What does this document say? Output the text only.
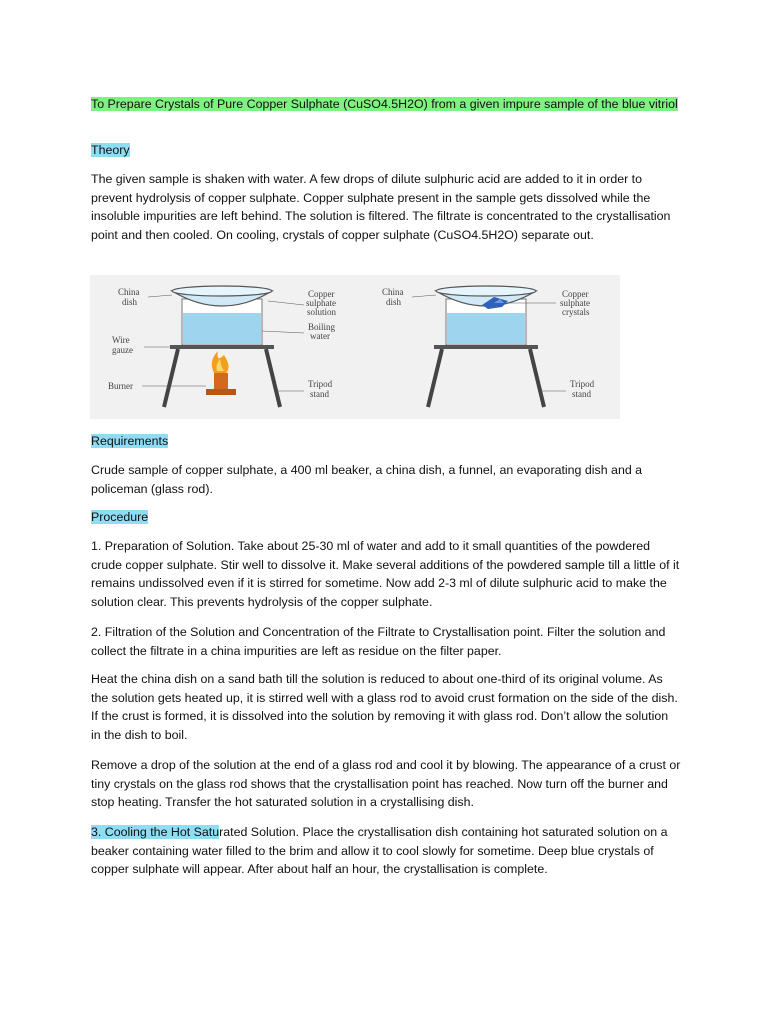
To Prepare Crystals of Pure Copper Sulphate (CuSO4.5H2O) from a given impure sample of the blue vitriol

Theory

The given sample is shaken with water. A few drops of dilute sulphuric acid are added to it in order to prevent hydrolysis of copper sulphate. Copper sulphate present in the sample gets dissolved while the insoluble impurities are left behind. The solution is filtered. The filtrate is concentrated to the crystallisation point and then cooled. On cooling, crystals of copper sulphate (CuSO4.5H2O) separate out.

China
dish
Wire
gauze
Burner
Copper
sulphate
solution
Boiling
water
Tripod
stand
China
dish
Copper
sulphate
crystals
Tripod
stand

Requirements

Crude sample of copper sulphate, a 400 ml beaker, a china dish, a funnel, an evaporating dish and a policeman (glass rod).

Procedure

1. Preparation of Solution. Take about 25-30 ml of water and add to it small quantities of the powdered crude copper sulphate. Stir well to dissolve it. Make several additions of the powdered sample till a little of it remains undissolved even if it is stirred for sometime. Now add 2-3 ml of dilute sulphuric acid to make the solution clear. This prevents hydrolysis of the copper sulphate.

2. Filtration of the Solution and Concentration of the Filtrate to Crystallisation point. Filter the solution and collect the filtrate in a china impurities are left as residue on the filter paper.

Heat the china dish on a sand bath till the solution is reduced to about one-third of its original volume. As the solution gets heated up, it is stirred well with a glass rod to avoid crust formation on the side of the dish. If the crust is formed, it is dissolved into the solution by removing it with glass rod. Don’t allow the solution in the dish to boil.

Remove a drop of the solution at the end of a glass rod and cool it by blowing. The appearance of a crust or tiny crystals on the glass rod shows that the crystallisation point has reached. Now turn off the burner and stop heating. Transfer the hot saturated solution in a crystallising dish.

3. Cooling the Hot Saturated Solution. Place the crystallisation dish containing hot saturated solution on a beaker containing water filled to the brim and allow it to cool slowly for sometime. Deep blue crystals of copper sulphate will appear. After about half an hour, the crystallisation is complete.
